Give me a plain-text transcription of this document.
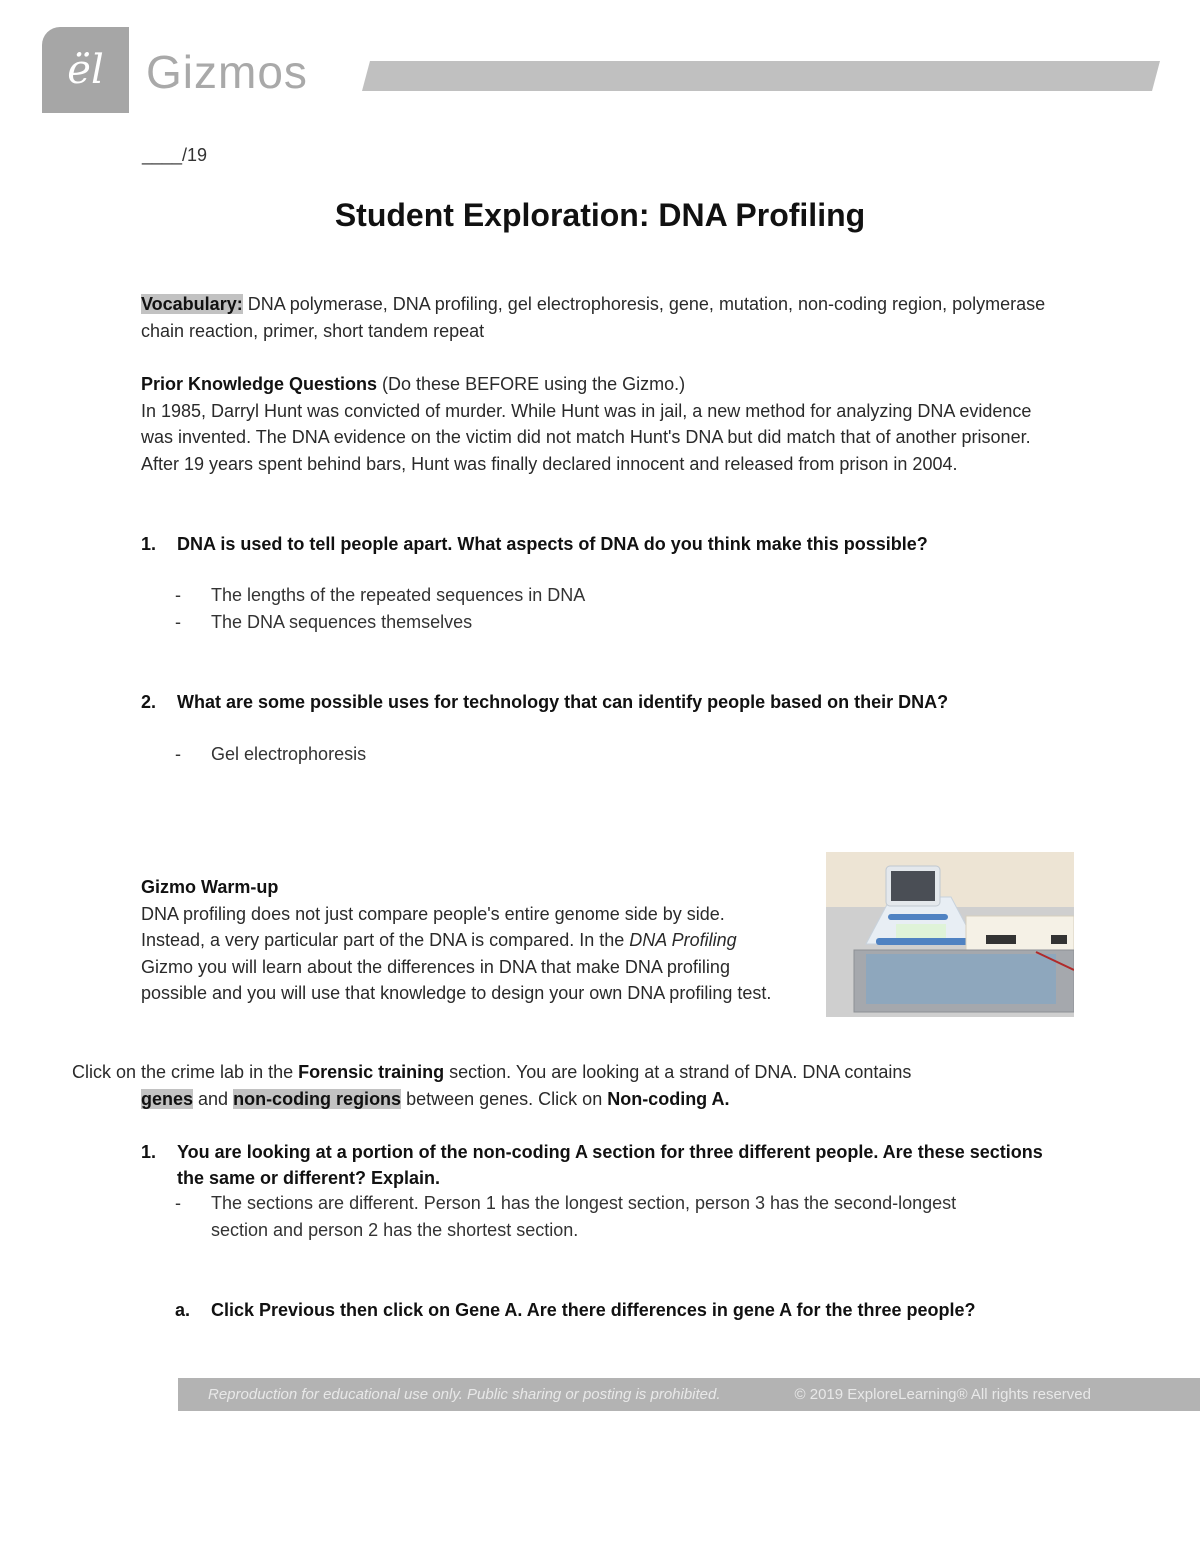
ël Gizmos
____/19
Student Exploration: DNA Profiling
Vocabulary: DNA polymerase, DNA profiling, gel electrophoresis, gene, mutation, non-coding region, polymerase chain reaction, primer, short tandem repeat
Prior Knowledge Questions (Do these BEFORE using the Gizmo.)
In 1985, Darryl Hunt was convicted of murder. While Hunt was in jail, a new method for analyzing DNA evidence was invented. The DNA evidence on the victim did not match Hunt's DNA but did match that of another prisoner. After 19 years spent behind bars, Hunt was finally declared innocent and released from prison in 2004.
1. DNA is used to tell people apart. What aspects of DNA do you think make this possible?
- The lengths of the repeated sequences in DNA
- The DNA sequences themselves
2. What are some possible uses for technology that can identify people based on their DNA?
- Gel electrophoresis
Gizmo Warm-up
DNA profiling does not just compare people's entire genome side by side. Instead, a very particular part of the DNA is compared. In the DNA Profiling Gizmo you will learn about the differences in DNA that make DNA profiling possible and you will use that knowledge to design your own DNA profiling test.
Click on the crime lab in the Forensic training section. You are looking at a strand of DNA. DNA contains
genes and non-coding regions between genes. Click on Non-coding A.
1. You are looking at a portion of the non-coding A section for three different people. Are these sections the same or different? Explain.
- The sections are different. Person 1 has the longest section, person 3 has the second-longest section and person 2 has the shortest section.
a. Click Previous then click on Gene A. Are there differences in gene A for the three people?
Reproduction for educational use only. Public sharing or posting is prohibited.	© 2019 ExploreLearning® All rights reserved
